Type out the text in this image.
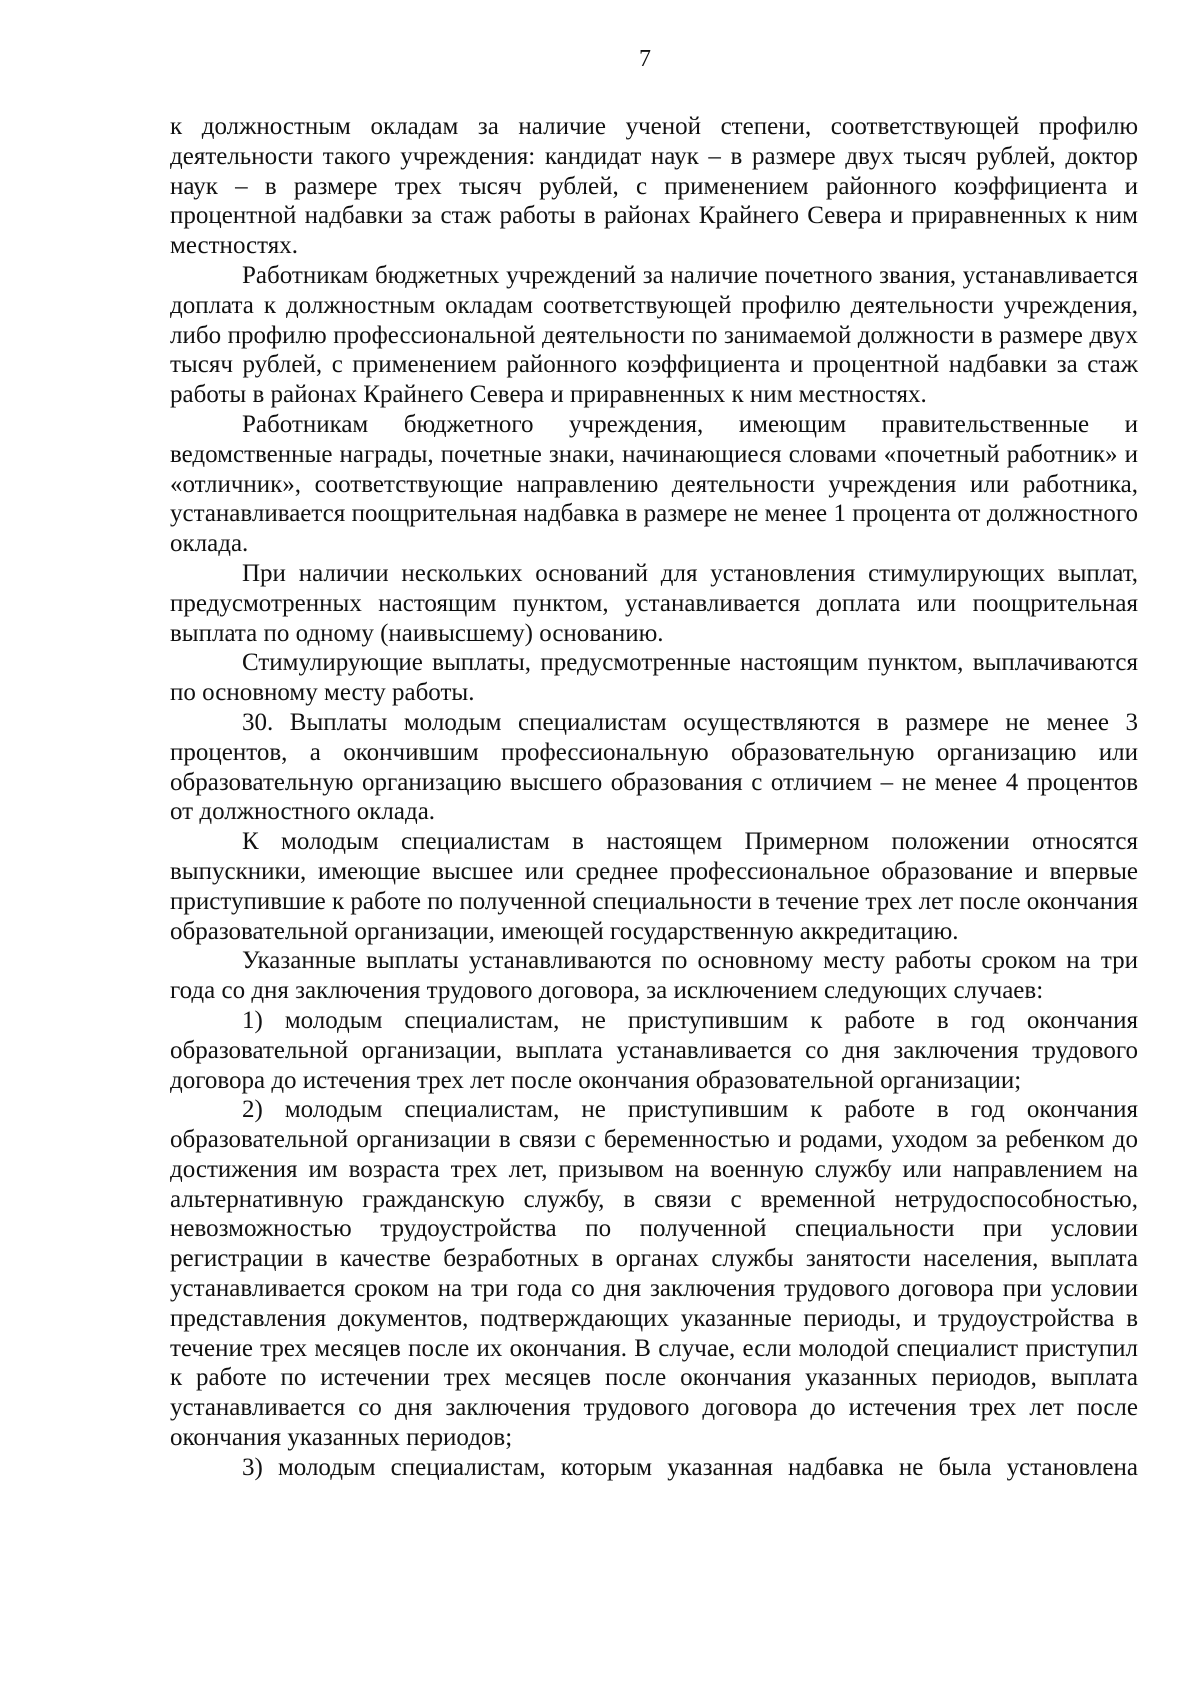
7

к должностным окладам за наличие ученой степени, соответствующей профилю деятельности такого учреждения: кандидат наук – в размере двух тысяч рублей, доктор наук – в размере трех тысяч рублей, с применением районного коэффициента и процентной надбавки за стаж работы в районах Крайнего Севера и приравненных к ним местностях.

Работникам бюджетных учреждений за наличие почетного звания, устанавливается доплата к должностным окладам соответствующей профилю деятельности учреждения, либо профилю профессиональной деятельности по занимаемой должности в размере двух тысяч рублей, с применением районного коэффициента и процентной надбавки за стаж работы в районах Крайнего Севера и приравненных к ним местностях.

Работникам бюджетного учреждения, имеющим правительственные и ведомственные награды, почетные знаки, начинающиеся словами «почетный работник» и «отличник», соответствующие направлению деятельности учреждения или работника, устанавливается поощрительная надбавка в размере не менее 1 процента от должностного оклада.

При наличии нескольких оснований для установления стимулирующих выплат, предусмотренных настоящим пунктом, устанавливается доплата или поощрительная выплата по одному (наивысшему) основанию.

Стимулирующие выплаты, предусмотренные настоящим пунктом, выплачиваются по основному месту работы.

30. Выплаты молодым специалистам осуществляются в размере не менее 3 процентов, а окончившим профессиональную образовательную организацию или образовательную организацию высшего образования с отличием – не менее 4 процентов от должностного оклада.

К молодым специалистам в настоящем Примерном положении относятся выпускники, имеющие высшее или среднее профессиональное образование и впервые приступившие к работе по полученной специальности в течение трех лет после окончания образовательной организации, имеющей государственную аккредитацию.

Указанные выплаты устанавливаются по основному месту работы сроком на три года со дня заключения трудового договора, за исключением следующих случаев:

1) молодым специалистам, не приступившим к работе в год окончания образовательной организации, выплата устанавливается со дня заключения трудового договора до истечения трех лет после окончания образовательной организации;

2) молодым специалистам, не приступившим к работе в год окончания образовательной организации в связи с беременностью и родами, уходом за ребенком до достижения им возраста трех лет, призывом на военную службу или направлением на альтернативную гражданскую службу, в связи с временной нетрудоспособностью, невозможностью трудоустройства по полученной специальности при условии регистрации в качестве безработных в органах службы занятости населения, выплата устанавливается сроком на три года со дня заключения трудового договора при условии представления документов, подтверждающих указанные периоды, и трудоустройства в течение трех месяцев после их окончания. В случае, если молодой специалист приступил к работе по истечении трех месяцев после окончания указанных периодов, выплата устанавливается со дня заключения трудового договора до истечения трех лет после окончания указанных периодов;

3) молодым специалистам, которым указанная надбавка не была установлена
